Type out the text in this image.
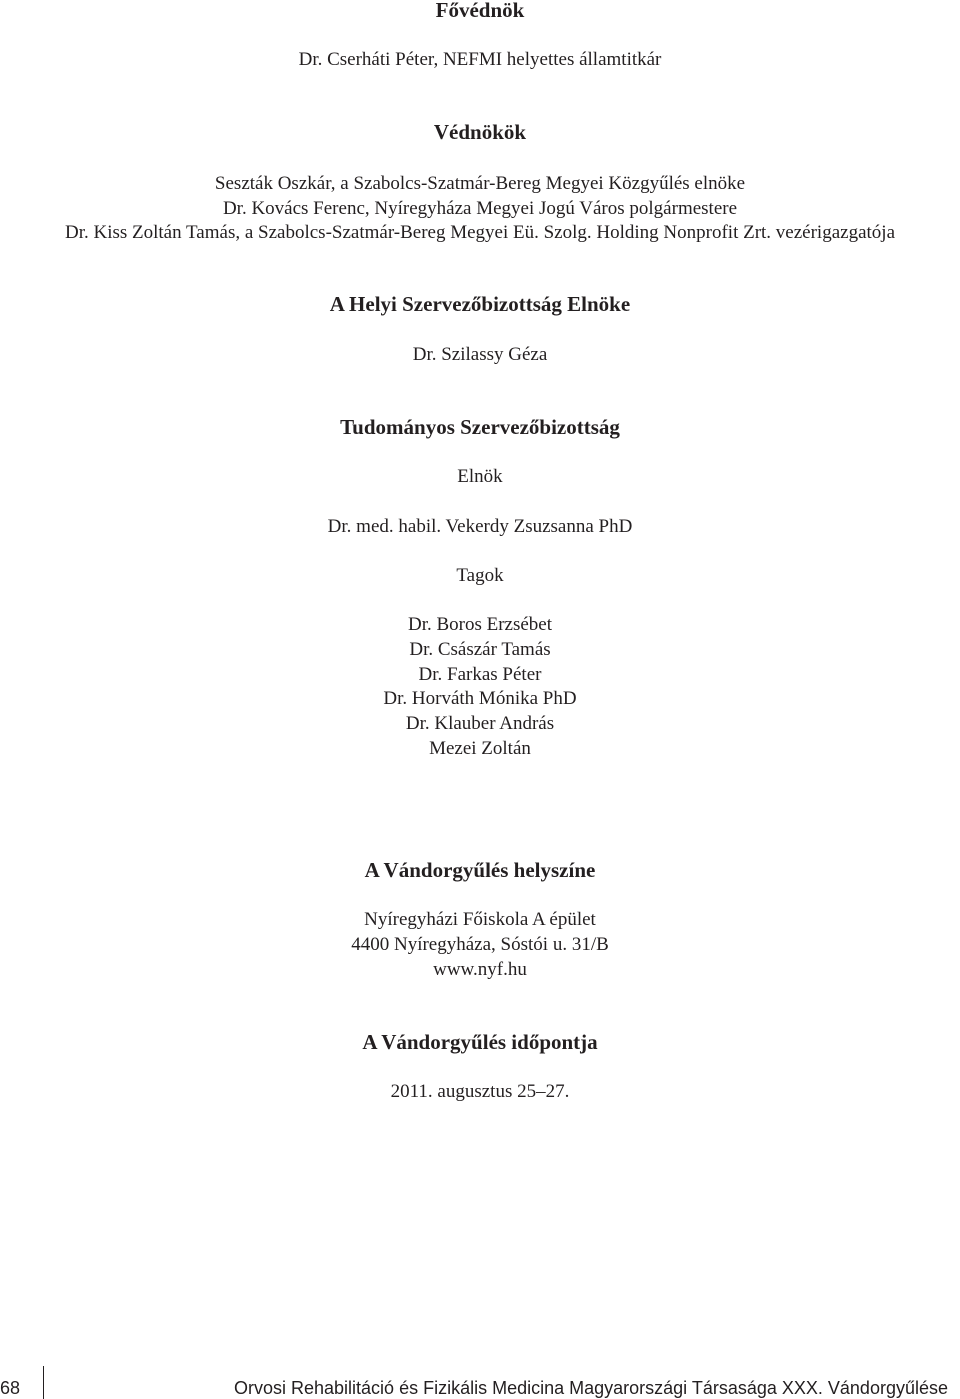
Fővédnök
Dr. Cserháti Péter, NEFMI helyettes államtitkár
Védnökök
Seszták Oszkár, a Szabolcs-Szatmár-Bereg Megyei Közgyűlés elnöke
Dr. Kovács Ferenc, Nyíregyháza Megyei Jogú Város polgármestere
Dr. Kiss Zoltán Tamás, a Szabolcs-Szatmár-Bereg Megyei Eü. Szolg. Holding Nonprofit Zrt. vezérigazgatója
A Helyi Szervezőbizottság Elnöke
Dr. Szilassy Géza
Tudományos Szervezőbizottság
Elnök
Dr. med. habil. Vekerdy Zsuzsanna PhD
Tagok
Dr. Boros Erzsébet
Dr. Császár Tamás
Dr. Farkas Péter
Dr. Horváth Mónika PhD
Dr. Klauber András
Mezei Zoltán
A Vándorgyűlés helyszíne
Nyíregyházi Főiskola A épület
4400 Nyíregyháza, Sóstói u. 31/B
www.nyf.hu
A Vándorgyűlés időpontja
2011. augusztus 25–27.
68	Orvosi Rehabilitáció és Fizikális Medicina Magyarországi Társasága XXX. Vándorgyűlése
